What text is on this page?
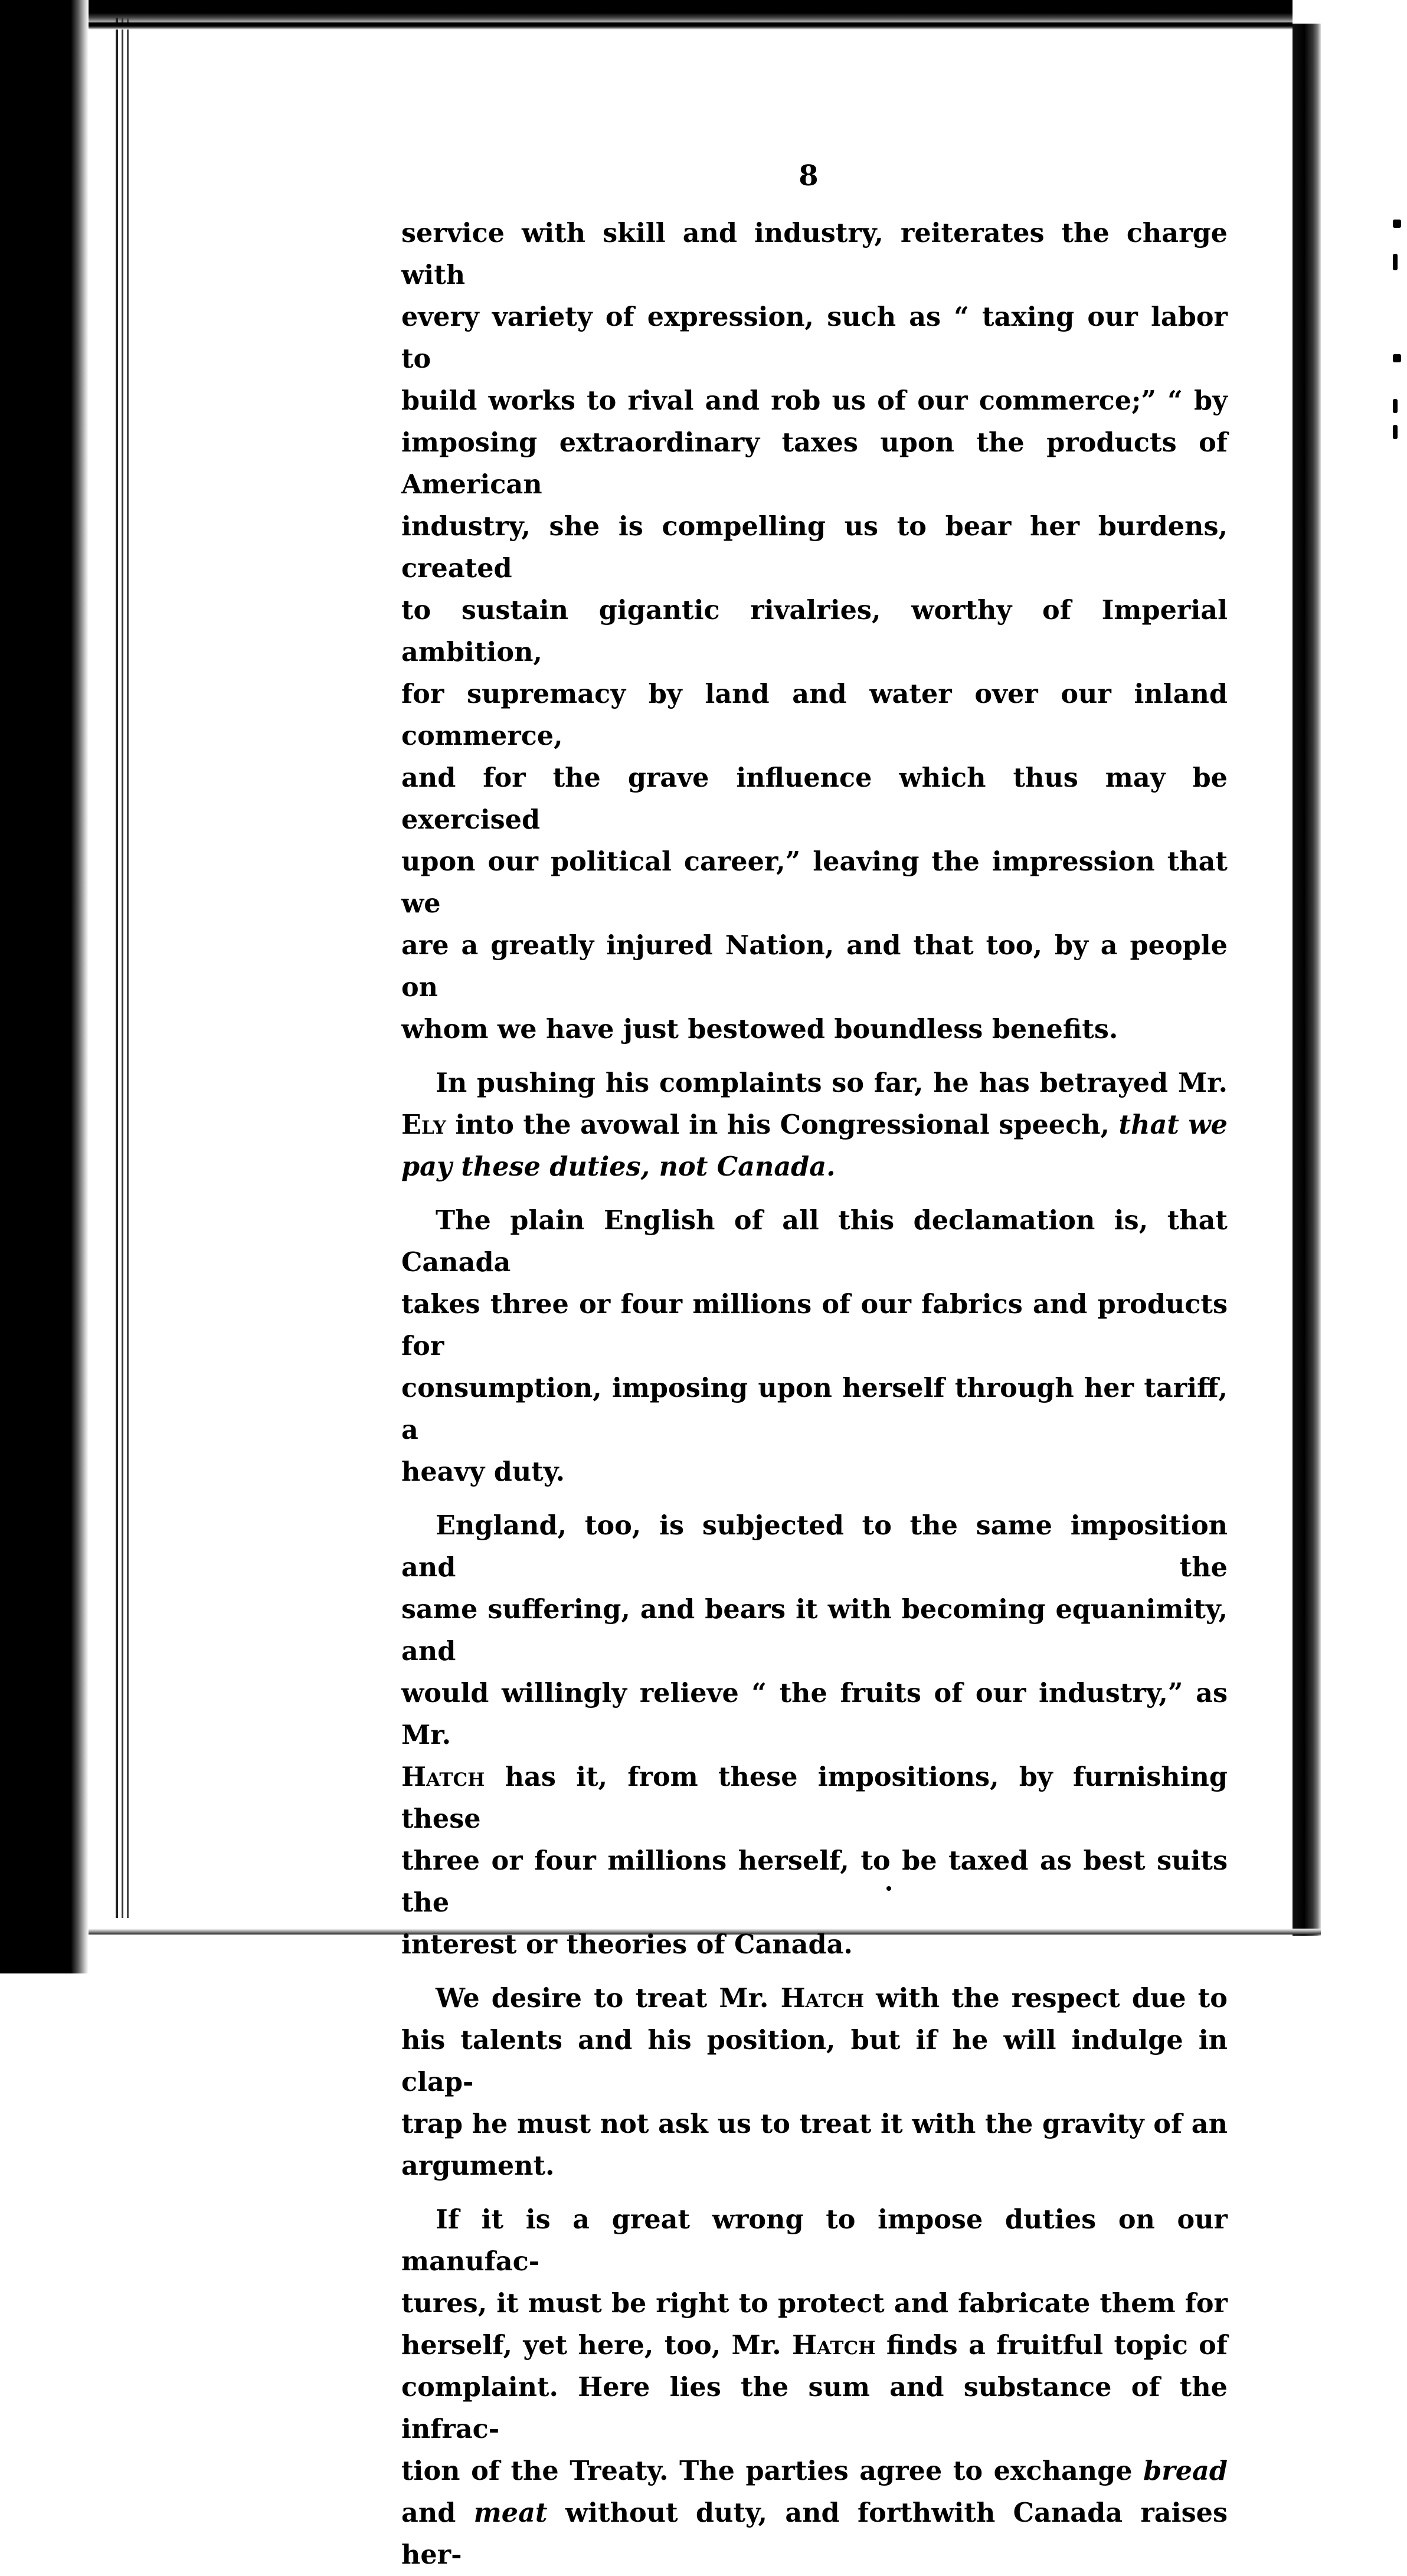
8

service with skill and industry, reiterates the charge with
every variety of expression, such as “ taxing our labor to
build works to rival and rob us of our commerce;” “ by
imposing extraordinary taxes upon the products of American
industry, she is compelling us to bear her burdens, created
to sustain gigantic rivalries, worthy of Imperial ambition,
for supremacy by land and water over our inland commerce,
and for the grave influence which thus may be exercised
upon our political career,” leaving the impression that we
are a greatly injured Nation, and that too, by a people on
whom we have just bestowed boundless benefits.

In pushing his complaints so far, he has betrayed Mr.
Ely into the avowal in his Congressional speech, that we
pay these duties, not Canada.

The plain English of all this declamation is, that Canada
takes three or four millions of our fabrics and products for
consumption, imposing upon herself through her tariff, a
heavy duty.

England, too, is subjected to the same imposition and the
same suffering, and bears it with becoming equanimity, and
would willingly relieve “ the fruits of our industry,” as Mr.
Hatch has it, from these impositions, by furnishing these
three or four millions herself, to be taxed as best suits the
interest or theories of Canada.

We desire to treat Mr. Hatch with the respect due to
his talents and his position, but if he will indulge in clap-
trap he must not ask us to treat it with the gravity of an
argument.

If it is a great wrong to impose duties on our manufac-
tures, it must be right to protect and fabricate them for
herself, yet here, too, Mr. Hatch finds a fruitful topic of
complaint. Here lies the sum and substance of the infrac-
tion of the Treaty. The parties agree to exchange bread
and meat without duty, and forthwith Canada raises her-
